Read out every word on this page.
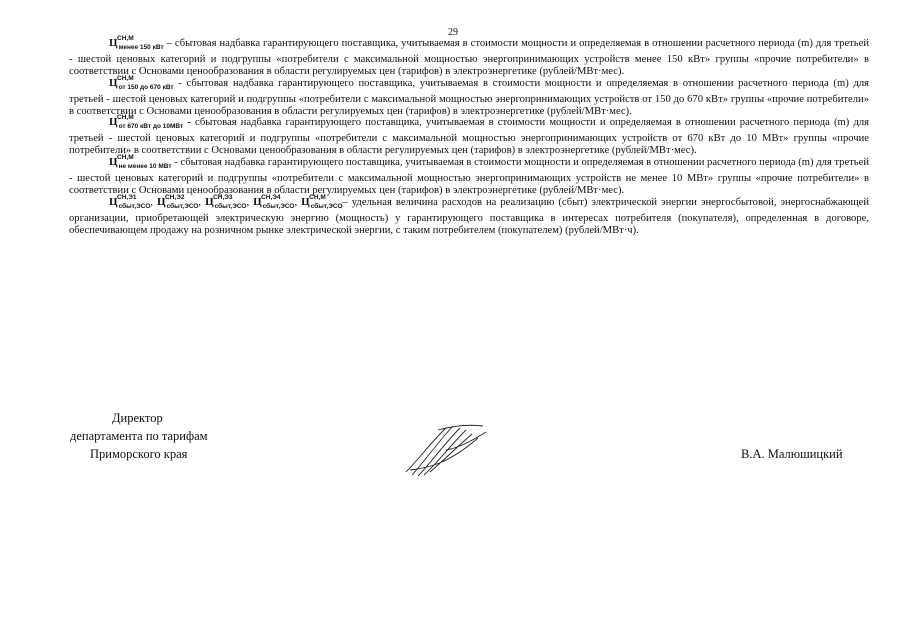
29

Ц СН,М
$_{менее 150 кВт}$ – сбытовая надбавка гарантирующего поставщика, учитываемая в стоимости мощности и определяемая в отношении расчетного периода (m) для третьей - шестой ценовых категорий и подгруппы «потребители с максимальной мощностью энергопринимающих устройств менее 150 кВт» группы «прочие потребители» в соответствии с Основами ценообразования в области регулируемых цен (тарифов) в электроэнергетике (рублей/МВт·мес).

Ц СН,М
$_{от 150 до 670 кВт}$ - сбытовая надбавка гарантирующего поставщика, учитываемая в стоимости мощности и определяемая в отношении расчетного периода (m) для третьей - шестой ценовых категорий и подгруппы «потребители с максимальной мощностью энергопринимающих устройств от 150 до 670 кВт» группы «прочие потребители» в соответствии с Основами ценообразования в области регулируемых цен (тарифов) в электроэнергетике (рублей/МВт·мес).

Ц СН,М
$_{от 670 кВт до 10МВт}$ - сбытовая надбавка гарантирующего поставщика, учитываемая в стоимости мощности и определяемая в отношении расчетного периода (m) для третьей - шестой ценовых категорий и подгруппы «потребители с максимальной мощностью энергопринимающих устройств от 670 кВт до 10 МВт» группы «прочие потребители» в соответствии с Основами ценообразования в области регулируемых цен (тарифов) в электроэнергетике (рублей/МВт·мес).

Ц СН,М
$_{не менее 10 МВт}$ - сбытовая надбавка гарантирующего поставщика, учитываемая в стоимости мощности и определяемая в отношении расчетного периода (m) для третьей - шестой ценовых категорий и подгруппы «потребители с максимальной мощностью энергопринимающих устройств не менее 10 МВт» группы «прочие потребители» в соответствии с Основами ценообразования в области регулируемых цен (тарифов) в электроэнергетике (рублей/МВт·мес).

Ц СН,Э1
$_{сбыт,ЭСО}$, Ц СН,Э2
$_{сбыт,ЭСО}$, Ц СН,Э3
$_{сбыт,ЭСО}$, Ц СН,Э4
$_{сбыт,ЭСО}$, Ц СН,М
$_{сбыт,ЭСО}$– удельная величина расходов на реализацию (сбыт) электрической энергии энергосбытовой, энергоснабжающей организации, приобретающей электрическую энергию (мощность) у гарантирующего поставщика в интересах потребителя (покупателя), определенная в договоре, обеспечивающем продажу на розничном рынке электрической энергии, с таким потребителем (покупателем) (рублей/МВт·ч).

Директор
департамента по тарифам
Приморского края	В.А. Малюшицкий
